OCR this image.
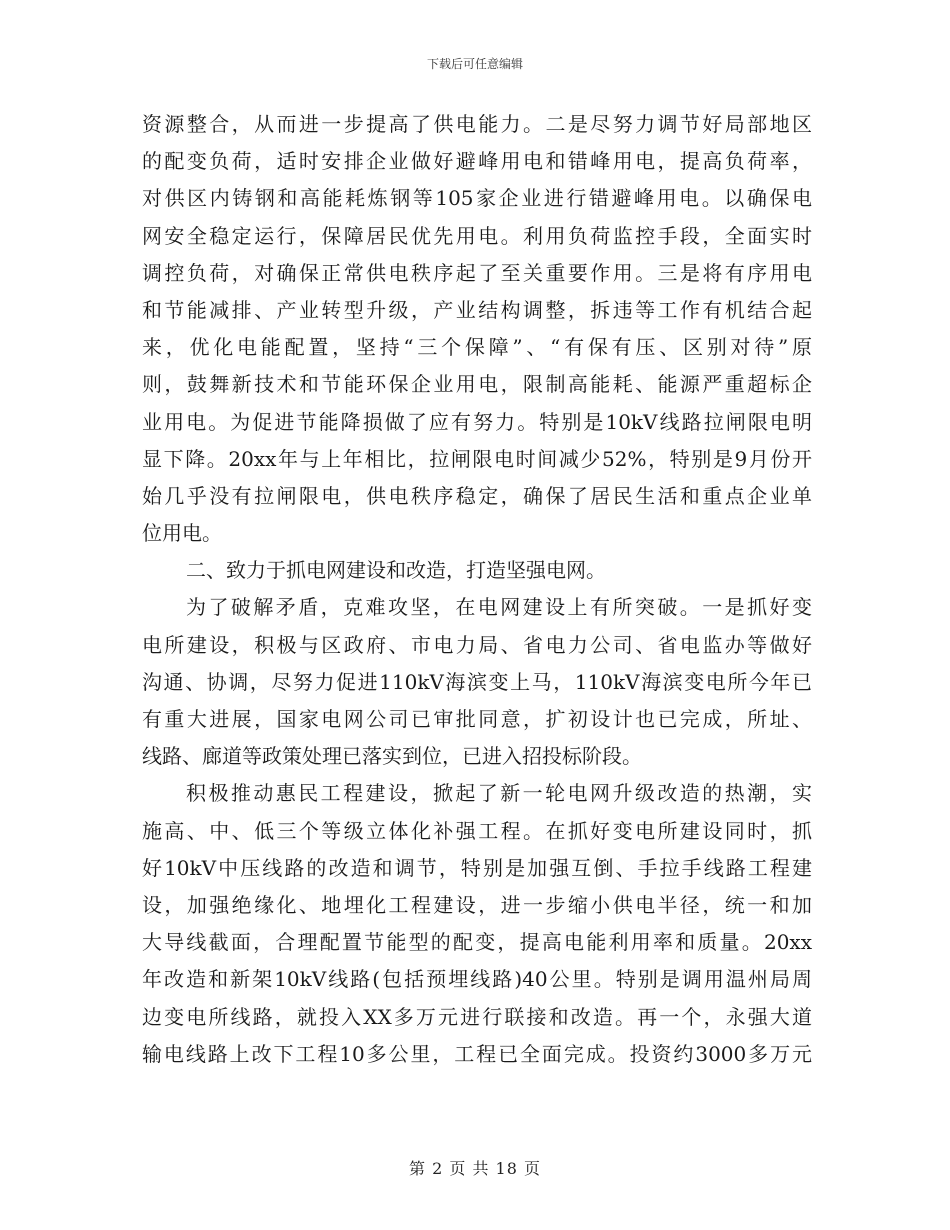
下载后可任意编辑
资源整合，从而进一步提高了供电能力。二是尽努力调节好局部地区
的配变负荷，适时安排企业做好避峰用电和错峰用电，提高负荷率，
对供区内铸钢和高能耗炼钢等105家企业进行错避峰用电。以确保电
网安全稳定运行，保障居民优先用电。利用负荷监控手段，全面实时
调控负荷，对确保正常供电秩序起了至关重要作用。三是将有序用电
和节能减排、产业转型升级，产业结构调整，拆违等工作有机结合起
来，优化电能配置，坚持“三个保障”、“有保有压、区别对待”原
则，鼓舞新技术和节能环保企业用电，限制高能耗、能源严重超标企
业用电。为促进节能降损做了应有努力。特别是10kV线路拉闸限电明
显下降。20xx年与上年相比，拉闸限电时间减少52%，特别是9月份开
始几乎没有拉闸限电，供电秩序稳定，确保了居民生活和重点企业单
位用电。
二、致力于抓电网建设和改造，打造坚强电网。
为了破解矛盾，克难攻坚，在电网建设上有所突破。一是抓好变
电所建设，积极与区政府、市电力局、省电力公司、省电监办等做好
沟通、协调，尽努力促进110kV海滨变上马，110kV海滨变电所今年已
有重大进展，国家电网公司已审批同意，扩初设计也已完成，所址、
线路、廊道等政策处理已落实到位，已进入招投标阶段。
积极推动惠民工程建设，掀起了新一轮电网升级改造的热潮，实
施高、中、低三个等级立体化补强工程。在抓好变电所建设同时，抓
好10kV中压线路的改造和调节，特别是加强互倒、手拉手线路工程建
设，加强绝缘化、地埋化工程建设，进一步缩小供电半径，统一和加
大导线截面，合理配置节能型的配变，提高电能利用率和质量。20xx
年改造和新架10kV线路(包括预埋线路)40公里。特别是调用温州局周
边变电所线路，就投入XX多万元进行联接和改造。再一个，永强大道
输电线路上改下工程10多公里，工程已全面完成。投资约3000多万元
第 2 页 共 18 页
